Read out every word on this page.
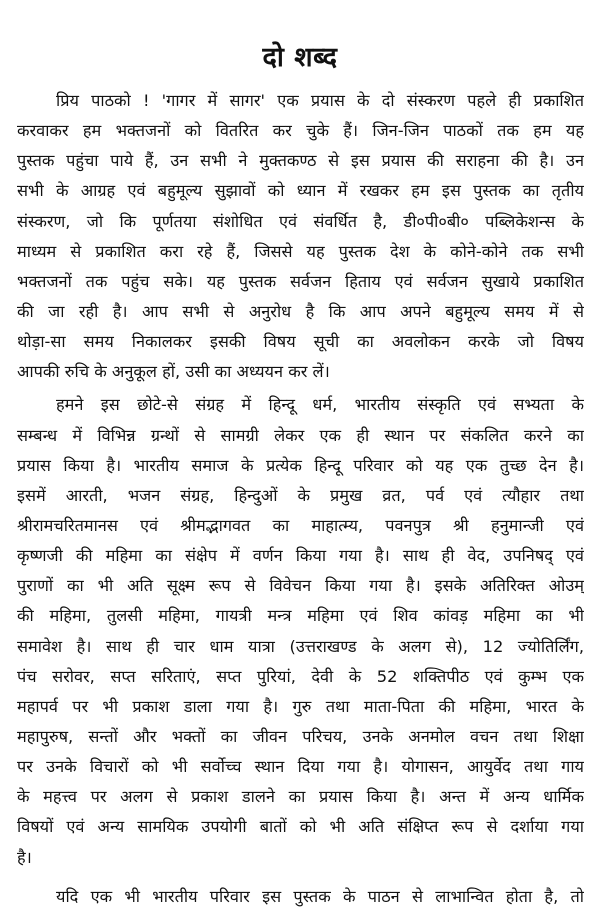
दो शब्द
प्रिय पाठको ! 'गागर में सागर' एक प्रयास के दो संस्करण पहले ही प्रकाशित
करवाकर हम भक्तजनों को वितरित कर चुके हैं। जिन-जिन पाठकों तक हम यह
पुस्तक पहुंचा पाये हैं, उन सभी ने मुक्तकण्ठ से इस प्रयास की सराहना की है। उन
सभी के आग्रह एवं बहुमूल्य सुझावों को ध्यान में रखकर हम इस पुस्तक का तृतीय
संस्करण, जो कि पूर्णतया संशोधित एवं संवर्धित है, डी०पी०बी० पब्लिकेशन्स के
माध्यम से प्रकाशित करा रहे हैं, जिससे यह पुस्तक देश के कोने-कोने तक सभी
भक्तजनों तक पहुंच सके। यह पुस्तक सर्वजन हिताय एवं सर्वजन सुखाये प्रकाशित
की जा रही है। आप सभी से अनुरोध है कि आप अपने बहुमूल्य समय में से
थोड़ा-सा समय निकालकर इसकी विषय सूची का अवलोकन करके जो विषय
आपकी रुचि के अनुकूल हों, उसी का अध्ययन कर लें।
हमने इस छोटे-से संग्रह में हिन्दू धर्म, भारतीय संस्कृति एवं सभ्यता के
सम्बन्ध में विभिन्न ग्रन्थों से सामग्री लेकर एक ही स्थान पर संकलित करने का
प्रयास किया है। भारतीय समाज के प्रत्येक हिन्दू परिवार को यह एक तुच्छ देन है।
इसमें आरती, भजन संग्रह, हिन्दुओं के प्रमुख व्रत, पर्व एवं त्यौहार तथा
श्रीरामचरितमानस एवं श्रीमद्भागवत का माहात्म्य, पवनपुत्र श्री हनुमान्जी एवं
कृष्णजी की महिमा का संक्षेप में वर्णन किया गया है। साथ ही वेद, उपनिषद् एवं
पुराणों का भी अति सूक्ष्म रूप से विवेचन किया गया है। इसके अतिरिक्त ओउम्
की महिमा, तुलसी महिमा, गायत्री मन्त्र महिमा एवं शिव कांवड़ महिमा का भी
समावेश है। साथ ही चार धाम यात्रा (उत्तराखण्ड के अलग से), 12 ज्योतिर्लिंग,
पंच सरोवर, सप्त सरिताएं, सप्त पुरियां, देवी के 52 शक्तिपीठ एवं कुम्भ एक
महापर्व पर भी प्रकाश डाला गया है। गुरु तथा माता-पिता की महिमा, भारत के
महापुरुष, सन्तों और भक्तों का जीवन परिचय, उनके अनमोल वचन तथा शिक्षा
पर उनके विचारों को भी सर्वोच्च स्थान दिया गया है। योगासन, आयुर्वेद तथा गाय
के महत्त्व पर अलग से प्रकाश डालने का प्रयास किया है। अन्त में अन्य धार्मिक
विषयों एवं अन्य सामयिक उपयोगी बातों को भी अति संक्षिप्त रूप से दर्शाया गया
है।
यदि एक भी भारतीय परिवार इस पुस्तक के पाठन से लाभान्वित होता है, तो
